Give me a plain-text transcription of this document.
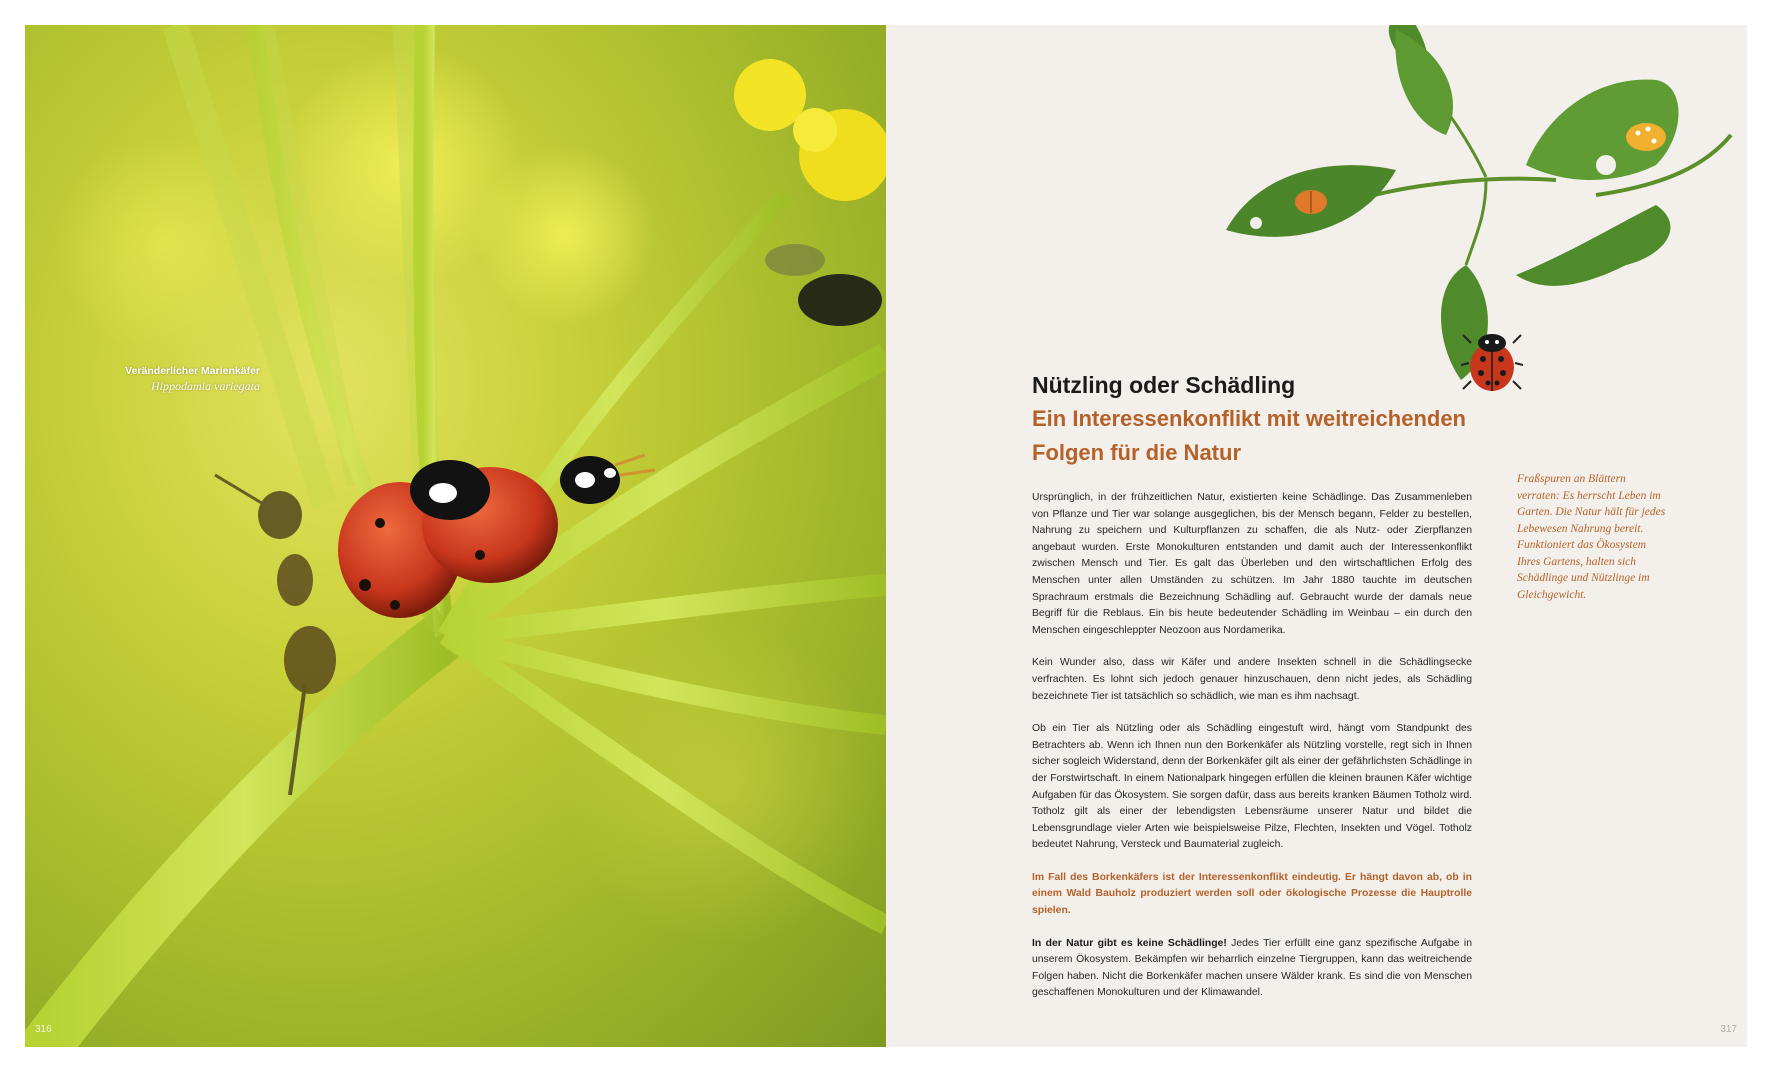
Veränderlicher Marienkäfer
Hippodamia variegata
316
Nützling oder Schädling
Ein Interessenkonflikt mit weitreichenden
Folgen für die Natur

Ursprünglich, in der frühzeitlichen Natur, existierten keine Schädlinge. Das Zusammenleben von Pflanze und Tier war solange ausgeglichen, bis der Mensch begann, Felder zu bestellen, Nahrung zu speichern und Kulturpflanzen zu schaffen, die als Nutz- oder Zierpflanzen angebaut wurden. Erste Monokulturen entstanden und damit auch der Interessenkonflikt zwischen Mensch und Tier. Es galt das Überleben und den wirtschaftlichen Erfolg des Menschen unter allen Umständen zu schützen. Im Jahr 1880 tauchte im deutschen Sprachraum erstmals die Bezeichnung Schädling auf. Gebraucht wurde der damals neue Begriff für die Reblaus. Ein bis heute bedeutender Schädling im Weinbau – ein durch den Menschen eingeschleppter Neozoon aus Nordamerika.

Kein Wunder also, dass wir Käfer und andere Insekten schnell in die Schädlingsecke verfrachten. Es lohnt sich jedoch genauer hinzuschauen, denn nicht jedes, als Schädling bezeichnete Tier ist tatsächlich so schädlich, wie man es ihm nachsagt.

Ob ein Tier als Nützling oder als Schädling eingestuft wird, hängt vom Standpunkt des Betrachters ab. Wenn ich Ihnen nun den Borkenkäfer als Nützling vorstelle, regt sich in Ihnen sicher sogleich Widerstand, denn der Borkenkäfer gilt als einer der gefährlichsten Schädlinge in der Forstwirtschaft. In einem Nationalpark hingegen erfüllen die kleinen braunen Käfer wichtige Aufgaben für das Ökosystem. Sie sorgen dafür, dass aus bereits kranken Bäumen Totholz wird. Totholz gilt als einer der lebendigsten Lebensräume unserer Natur und bildet die Lebensgrundlage vieler Arten wie beispielsweise Pilze, Flechten, Insekten und Vögel. Totholz bedeutet Nahrung, Versteck und Baumaterial zugleich.

Im Fall des Borkenkäfers ist der Interessenkonflikt eindeutig. Er hängt davon ab, ob in einem Wald Bauholz produziert werden soll oder ökologische Prozesse die Hauptrolle spielen.

In der Natur gibt es keine Schädlinge! Jedes Tier erfüllt eine ganz spezifische Aufgabe in unserem Ökosystem. Bekämpfen wir beharrlich einzelne Tiergruppen, kann das weitreichende Folgen haben. Nicht die Borkenkäfer machen unsere Wälder krank. Es sind die von Menschen geschaffenen Monokulturen und der Klimawandel.

Fraßspuren an Blättern verraten: Es herrscht Leben im Garten. Die Natur hält für jedes Lebewesen Nahrung bereit. Funktioniert das Ökosystem Ihres Gartens, halten sich Schädlinge und Nützlinge im Gleichgewicht.
317
